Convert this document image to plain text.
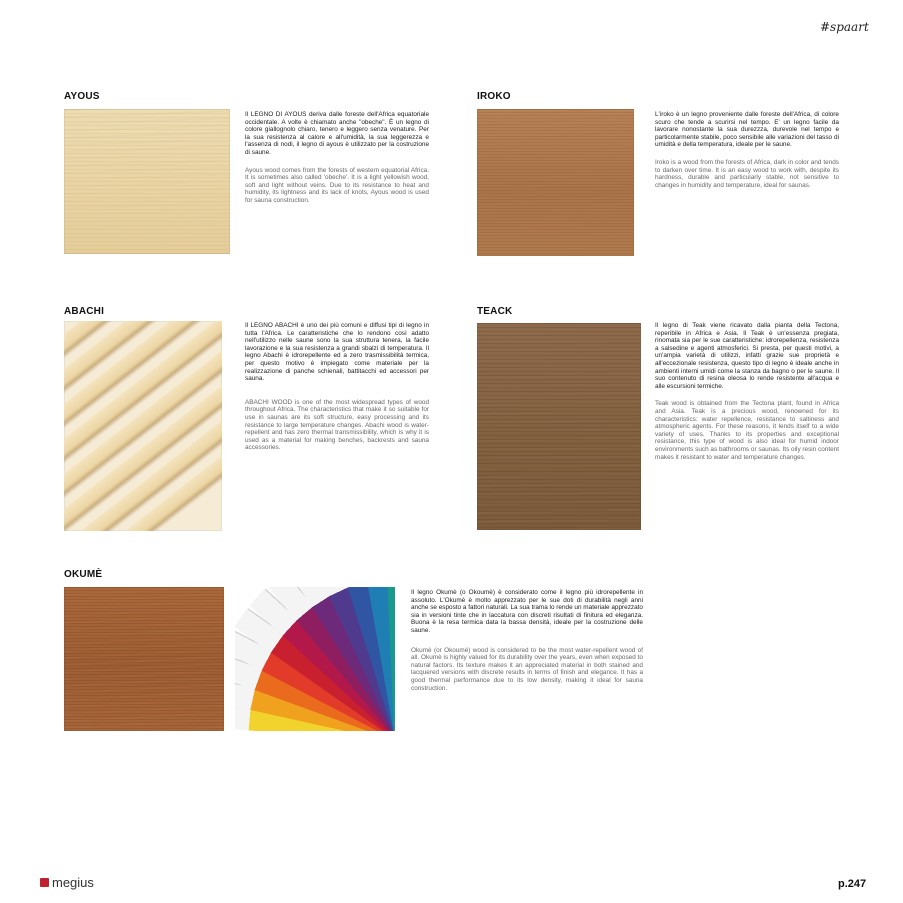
#spaart
AYOUS

Il LEGNO DI AYOUS deriva dalle foreste dell'Africa equatoriale occidentale. A volte è chiamato anche "obeche". È un legno di colore giallognolo chiaro, tenero e leggero senza venature. Per la sua resistenza al calore e all'umidità, la sua leggerezza e l'assenza di nodi, il legno di ayous è utilizzato per la costruzione di saune.

Ayous wood comes from the forests of western equatorial Africa. It is sometimes also called 'obeche'. It is a light yellowish wood, soft and light without veins. Due to its resistance to heat and humidity, its lightness and its lack of knots, Ayous wood is used for sauna construction.

IROKO

L'iroko è un legno proveniente dalle foreste dell'Africa, di colore scuro che tende a scurirsi nel tempo. E' un legno facile da lavorare nonostante la sua durezzza, durevole nel tempo e particolarmente stabile, poco sensibile alle variazioni del tasso di umidità e della temperatura, ideale per le saune.

Iroko is a wood from the forests of Africa, dark in color and tends to darken over time. It is an easy wood to work with, despite its hardness, durable and particularly stable, not sensitive to changes in humidity and temperature, ideal for saunas.

ABACHI

Il LEGNO ABACHI è uno dei più comuni e diffusi tipi di legno in tutta l'Africa. Le caratteristiche che lo rendono così adatto nell'utilizzo nelle saune sono la sua struttura tenera, la facile lavorazione e la sua resistenza a grandi sbalzi di temperatura. Il legno Abachi è idrorepellente ed a zero trasmissibilità termica, per questo motivo è impiegato come materiale per la realizzazione di panche schienali, battitacchi ed accessori per sauna.

ABACHI WOOD is one of the most widespread types of wood throughout Africa. The characteristics that make it so suitable for use in saunas are its soft structure, easy processing and its resistance to large temperature changes. Abachi wood is water-repellent and has zero thermal transmissibility, which is why it is used as a material for making benches, backrests and sauna accessories.

TEACK

Il legno di Teak viene ricavato dalla pianta della Tectona, reperibile in Africa e Asia. Il Teak è un'essenza pregiata, rinomata sia per le sue caratteristiche: idrorepellenza, resistenza a salsedine e agenti atmosferici. Si presta, per questi motivi, a un'ampia varietà di utilizzi, infatti grazie sue proprietà e all'eccezionale resistenza, questo tipo di legno è ideale anche in ambienti interni umidi come la stanza da bagno o per le saune. Il suo contenuto di resina oleosa lo rende resistente all'acqua e alle escursioni termiche.

Teak wood is obtained from the Tectona plant, found in Africa and Asia. Teak is a precious wood, renowned for its characteristics: water repellence, resistance to saltiness and atmospheric agents. For these reasons, it lends itself to a wide variety of uses. Thanks to its properties and exceptional resistance, this type of wood is also ideal for humid indoor environments such as bathrooms or saunas. Its oily resin content makes it resistant to water and temperature changes.

OKUMÈ

Il legno Okumè (o Okoumè) è considerato come il legno più idrorepellente in assoluto. L'Okumè è molto apprezzato per le sue doti di durabilità negli anni anche se esposto a fattori naturali. La sua trama lo rende un materiale apprezzato sia in versioni tinte che in laccatura con discreti risultati di finitura ed eleganza. Buona è la resa termica data la bassa densità, ideale per la costruzione delle saune.

Okumè (or Okoumè) wood is considered to be the most water-repellent wood of all. Okumè is highly valued for its durability over the years, even when exposed to natural factors. Its texture makes it an appreciated material in both stained and lacquered versions with discrete results in terms of finish and elegance. It has a good thermal performance due to its low density, making it ideal for sauna construction.

megius	p.247
